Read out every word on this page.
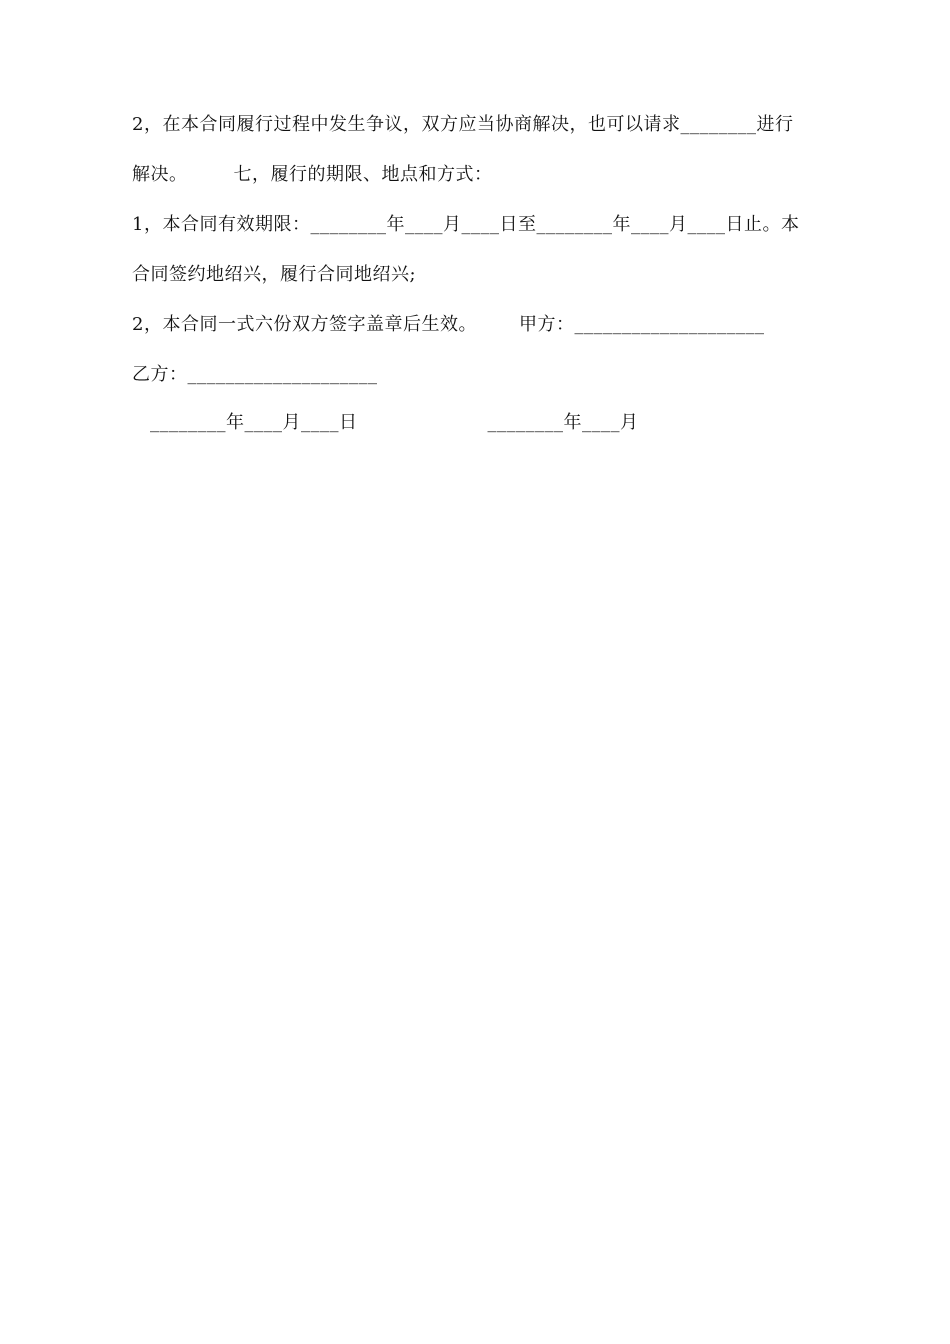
2，在本合同履行过程中发生争议，双方应当协商解决，也可以请求________进行
解决。	七，履行的期限、地点和方式：
1，本合同有效期限：________年____月____日至________年____月____日止。本
合同签约地绍兴，履行合同地绍兴;
2，本合同一式六份双方签字盖章后生效。 甲方：____________________
乙方：____________________
________年____月____日	________年____月
